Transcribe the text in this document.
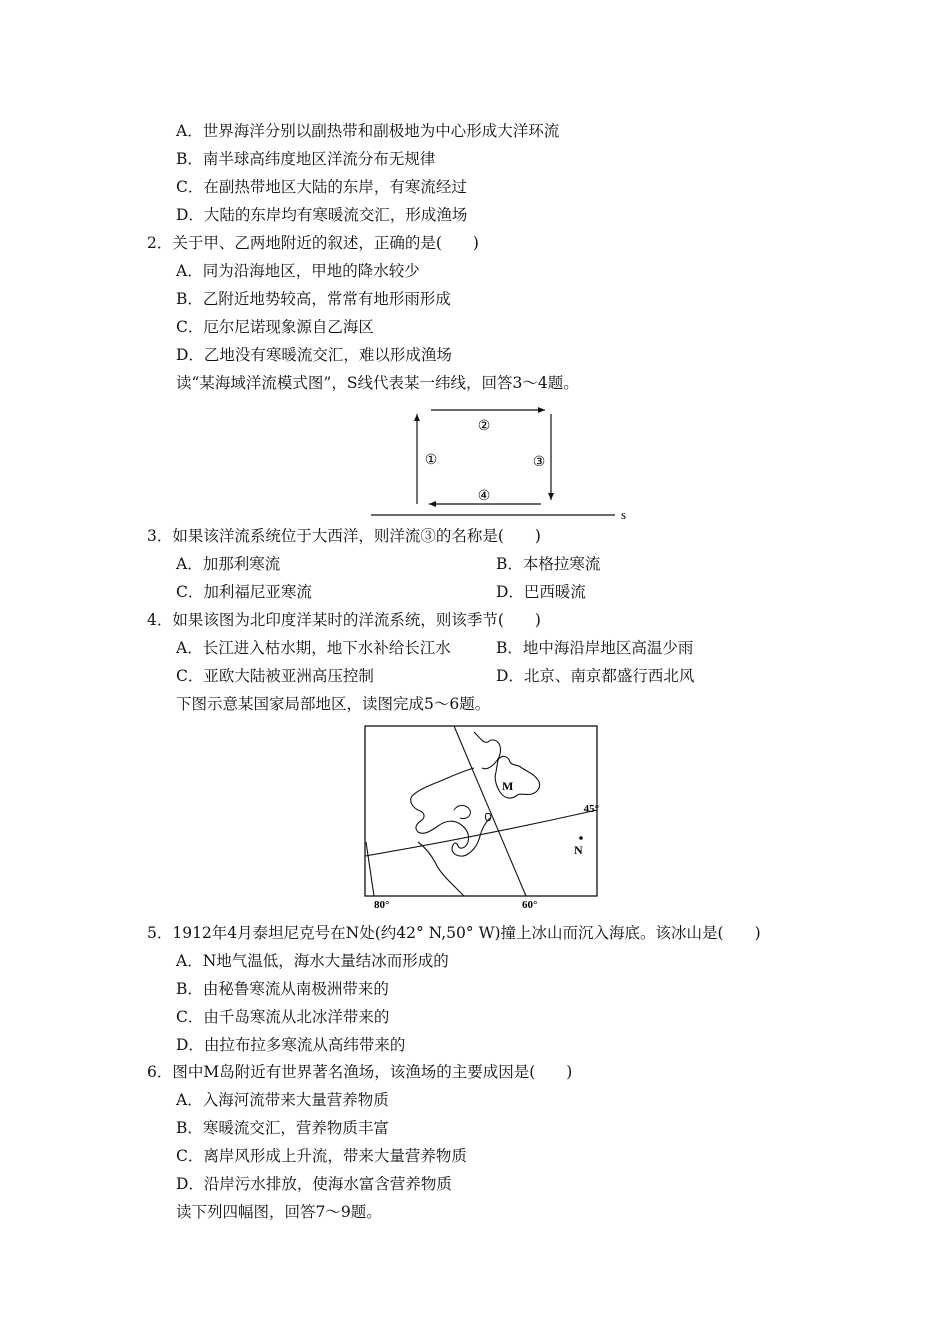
A．世界海洋分别以副热带和副极地为中心形成大洋环流
B．南半球高纬度地区洋流分布无规律
C．在副热带地区大陆的东岸，有寒流经过
D．大陆的东岸均有寒暖流交汇，形成渔场
2．关于甲、乙两地附近的叙述，正确的是(　　)
A．同为沿海地区，甲地的降水较少
B．乙附近地势较高，常常有地形雨形成
C．厄尔尼诺现象源自乙海区
D．乙地没有寒暖流交汇，难以形成渔场
读“某海域洋流模式图”，S线代表某一纬线，回答3～4题。
①
②
③
④
s
3．如果该洋流系统位于大西洋，则洋流③的名称是(　　)
A．加那利寒流	B．本格拉寒流
C．加利福尼亚寒流	D．巴西暖流
4．如果该图为北印度洋某时的洋流系统，则该季节(　　)
A．长江进入枯水期，地下水补给长江水	B．地中海沿岸地区高温少雨
C．亚欧大陆被亚洲高压控制	D．北京、南京都盛行西北风
下图示意某国家局部地区，读图完成5～6题。
M
N
45°
80°	60°
5．1912年4月泰坦尼克号在N处(约42° N,50° W)撞上冰山而沉入海底。该冰山是(　　)
A．N地气温低，海水大量结冰而形成的
B．由秘鲁寒流从南极洲带来的
C．由千岛寒流从北冰洋带来的
D．由拉布拉多寒流从高纬带来的
6．图中M岛附近有世界著名渔场，该渔场的主要成因是(　　)
A．入海河流带来大量营养物质
B．寒暖流交汇，营养物质丰富
C．离岸风形成上升流，带来大量营养物质
D．沿岸污水排放，使海水富含营养物质
读下列四幅图，回答7～9题。
